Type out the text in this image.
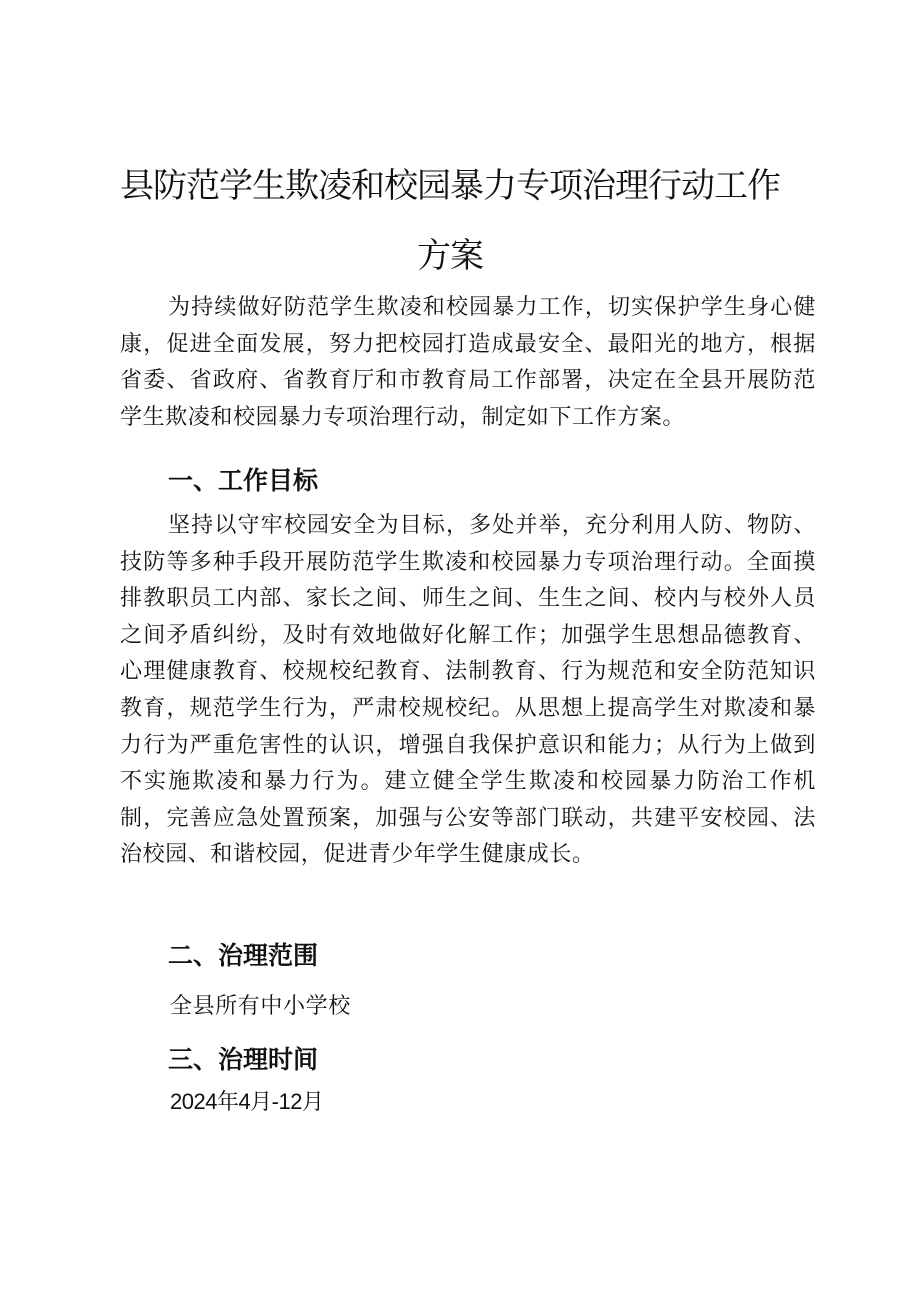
县防范学生欺凌和校园暴力专项治理行动工作
方案

为持续做好防范学生欺凌和校园暴力工作，切实保护学生身心健康，促进全面发展，努力把校园打造成最安全、最阳光的地方，根据省委、省政府、省教育厅和市教育局工作部署，决定在全县开展防范学生欺凌和校园暴力专项治理行动，制定如下工作方案。

一、工作目标

坚持以守牢校园安全为目标，多处并举，充分利用人防、物防、技防等多种手段开展防范学生欺凌和校园暴力专项治理行动。全面摸排教职员工内部、家长之间、师生之间、生生之间、校内与校外人员之间矛盾纠纷，及时有效地做好化解工作；加强学生思想品德教育、心理健康教育、校规校纪教育、法制教育、行为规范和安全防范知识教育，规范学生行为，严肃校规校纪。从思想上提高学生对欺凌和暴力行为严重危害性的认识，增强自我保护意识和能力；从行为上做到不实施欺凌和暴力行为。建立健全学生欺凌和校园暴力防治工作机制，完善应急处置预案，加强与公安等部门联动，共建平安校园、法治校园、和谐校园，促进青少年学生健康成长。

二、治理范围

全县所有中小学校

三、治理时间

2024年4月-12月
